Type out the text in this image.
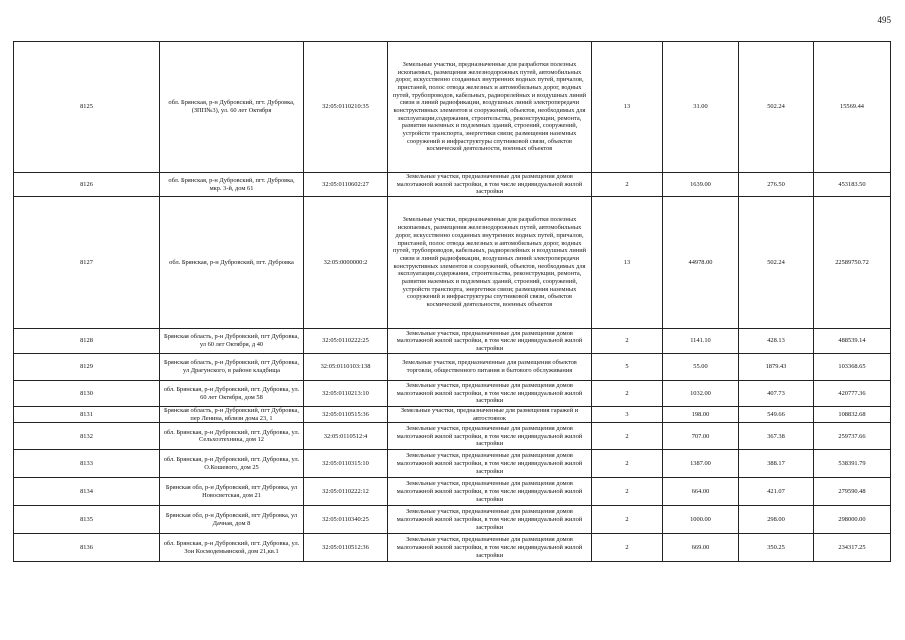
495
8125	обл. Брянская, р-н Дубровский, пгт. Дубровка, (ЗПП№3), ул. 60 лет Октября	32:05:0110210:35	Земельные участки, предназначенные для разработки полезных ископаемых, размещения железнодорожных путей, автомобильных дорог, искусственно созданных внутренних водных путей, причалов, пристаней, полос отвода железных и автомобильных дорог, водных путей, трубопроводов, кабельных, радиорелейных и воздушных линий связи и линий радиофикации, воздушных линий электропередачи конструктивных элементов и сооружений, объектов, необходимых для эксплуатации,содержания, строительства, реконструкции, ремонта, развития наземных и подземных зданий, строений, сооружений, устройств транспорта, энергетики связи; размещения наземных сооружений и инфраструктуры спутниковой связи, объектов космической деятельности, военных объектов	13	31.00	502.24	15569.44
8126	обл. Брянская, р-н Дубровский, пгт. Дубровка, мкр. 3-й, дом 61	32:05:0110602:27	Земельные участки, предназначенные для размещения домов малоэтажной жилой застройки, в том числе индивидуальной жилой застройки	2	1639.00	276.50	453183.50
8127	обл. Брянская, р-н Дубровский, пгт. Дубровка	32:05:0000000:2	Земельные участки, предназначенные для разработки полезных ископаемых, размещения железнодорожных путей, автомобильных дорог, искусственно созданных внутренних водных путей, причалов, пристаней, полос отвода железных и автомобильных дорог, водных путей, трубопроводов, кабельных, радиорелейных и воздушных линий связи и линий радиофикации, воздушных линий электропередачи конструктивных элементов и сооружений, объектов, необходимых для эксплуатации,содержания, строительства, реконструкции, ремонта, развития наземных и подземных зданий, строений, сооружений, устройств транспорта, энергетики связи; размещения наземных сооружений и инфраструктуры спутниковой связи, объектов космической деятельности, военных объектов	13	44978.00	502.24	22589750.72
8128	Брянская область, р-н Дубровский, пгт Дубровка, ул 60 лет Октября, д 40	32:05:0110222:25	Земельные участки, предназначенные для размещения домов малоэтажной жилой застройки, в том числе индивидуальной жилой застройки	2	1141.10	428.13	488539.14
8129	Брянская область, р-н Дубровский, пгт Дубровка, ул Драгунского, в районе кладбища	32:05:0110103:138	Земельные участки, предназначенные для размещения объектов торговли, общественного питания и бытового обслуживания	5	55.00	1879.43	103368.65
8130	обл. Брянская, р-н Дубровский, пгт. Дубровка, ул. 60 лет Октября, дом 58	32:05:0110213:10	Земельные участки, предназначенные для размещения домов малоэтажной жилой застройки, в том числе индивидуальной жилой застройки	2	1032.00	407.73	420777.36
8131	Брянская область, р-н Дубровский, пгт Дубровка, пер Ленина, вблизи дома 23, 1	32:05:0110515:36	Земельные участки, предназначенные для размещения гаражей и автостоянок	3	198.00	549.66	108832.68
8132	обл. Брянская, р-н Дубровский, пгт. Дубровка, ул. Сельхозтехника, дом 12	32:05:0110512:4	Земельные участки, предназначенные для размещения домов малоэтажной жилой застройки, в том числе индивидуальной жилой застройки	2	707.00	367.38	259737.66
8133	обл. Брянская, р-н Дубровский, пгт. Дубровка, ул. О.Кошевого, дом 25	32:05:0110315:10	Земельные участки, предназначенные для размещения домов малоэтажной жилой застройки, в том числе индивидуальной жилой застройки	2	1387.00	388.17	538391.79
8134	Брянская обл, р-н Дубровский, пгт Дубровка, ул Новосветская, дом 21	32:05:0110222:12	Земельные участки, предназначенные для размещения домов малоэтажной жилой застройки, в том числе индивидуальной жилой застройки	2	664.00	421.07	279590.48
8135	Брянская обл, р-н Дубровский, пгт Дубровка, ул Дачная, дом 8	32:05:0110340:25	Земельные участки, предназначенные для размещения домов малоэтажной жилой застройки, в том числе индивидуальной жилой застройки	2	1000.00	298.00	298000.00
8136	обл. Брянская, р-н Дубровский, пгт. Дубровка, ул. Зои Космодемьянской, дом 21,кв.1	32:05:0110512:36	Земельные участки, предназначенные для размещения домов малоэтажной жилой застройки, в том числе индивидуальной жилой застройки	2	669.00	350.25	234317.25
